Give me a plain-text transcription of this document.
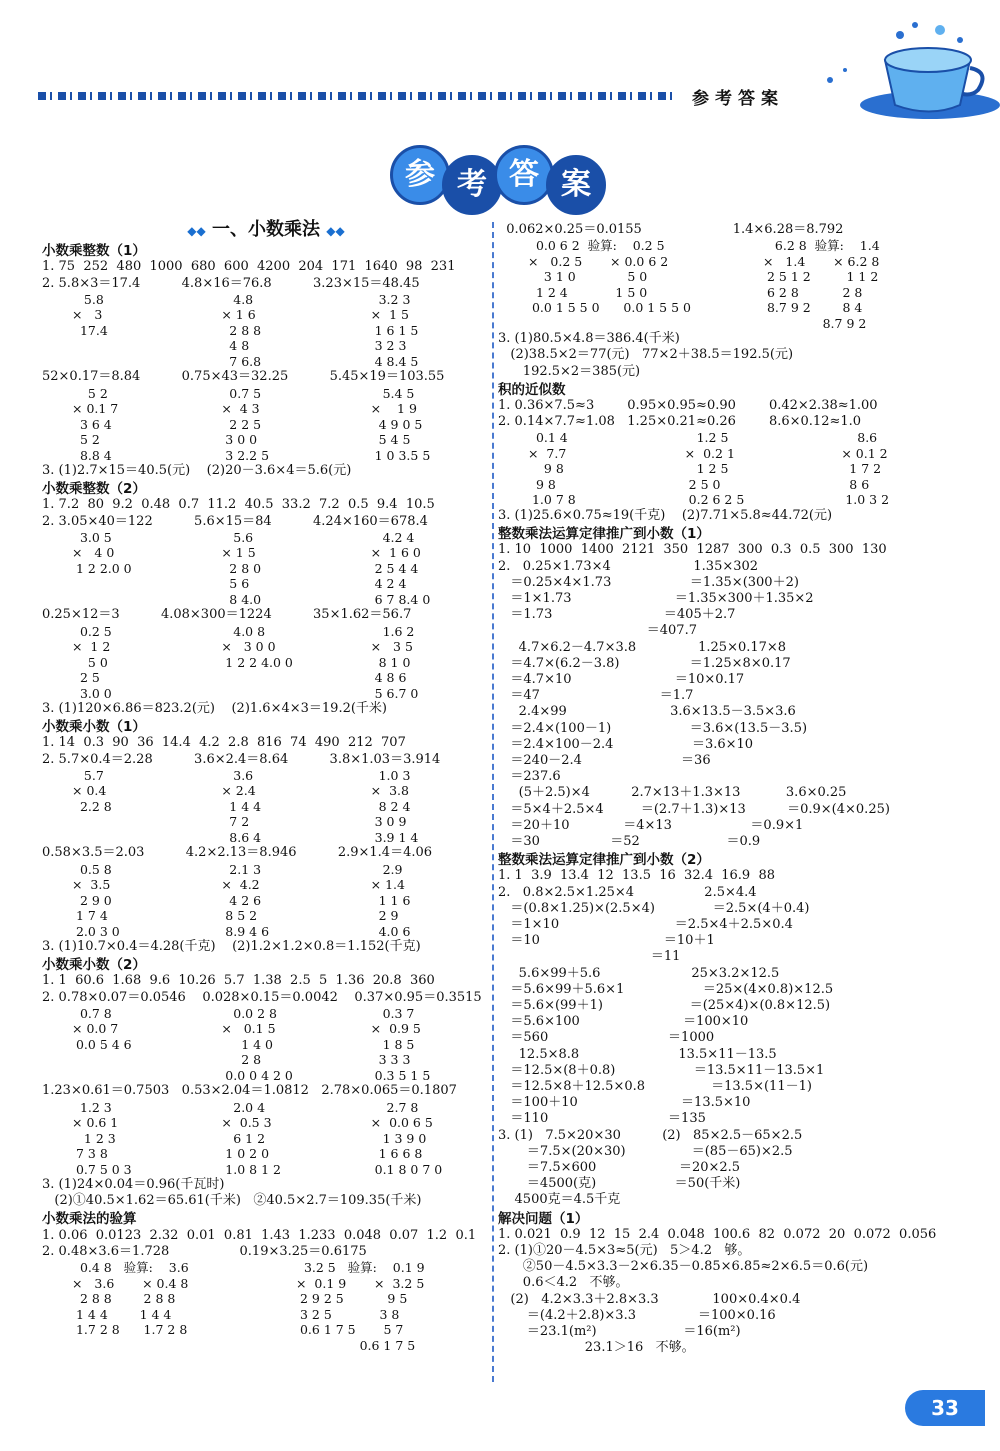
参考答案
参 考 答 案
◆◆ 一、小数乘法 ◆◆
小数乘整数（1）
1. 75  252  480  1000  680  600  4200  204  171  1640  98  231
2. 5.8×3＝17.4          4.8×16＝76.8          3.23×15＝48.45
5.8
×   3
17.4
4.8
× 1 6
2 8 8
4 8
7 6.8
3.2 3
×  1 5
1 6 1 5
3 2 3
4 8.4 5
52×0.17＝8.84          0.75×43＝32.25          5.45×19＝103.55
5 2
× 0.1 7
3 6 4
5 2
8.8 4
0.7 5
×  4 3
2 2 5
3 0 0
3 2.2 5
5.4 5
×    1 9
4 9 0 5
5 4 5
1 0 3.5 5
3. (1)2.7×15＝40.5(元)    (2)20－3.6×4＝5.6(元)
小数乘整数（2）
1. 7.2  80  9.2  0.48  0.7  11.2  40.5  33.2  7.2  0.5  9.4  10.5
2. 3.05×40＝122          5.6×15＝84          4.24×160＝678.4
3.0 5
×   4 0
1 2 2.0 0
5.6
× 1 5
2 8 0
5 6
8 4.0
4.2 4
×  1 6 0
2 5 4 4
4 2 4
6 7 8.4 0
0.25×12＝3          4.08×300＝1224          35×1.62＝56.7
0.2 5
×  1 2
5 0
2 5
3.0 0
4.0 8
×   3 0 0
1 2 2 4.0 0
1.6 2
×   3 5
8 1 0
4 8 6
5 6.7 0
3. (1)120×6.86＝823.2(元)    (2)1.6×4×3＝19.2(千米)
小数乘小数（1）
1. 14  0.3  90  36  14.4  4.2  2.8  816  74  490  212  707
2. 5.7×0.4＝2.28          3.6×2.4＝8.64          3.8×1.03＝3.914
5.7
× 0.4
2.2 8
3.6
× 2.4
1 4 4
7 2
8.6 4
1.0 3
×  3.8
8 2 4
3 0 9
3.9 1 4
0.58×3.5＝2.03          4.2×2.13＝8.946          2.9×1.4＝4.06
0.5 8
×  3.5
2 9 0
1 7 4
2.0 3 0
2.1 3
×  4.2
4 2 6
8 5 2
8.9 4 6
2.9
× 1.4
1 1 6
2 9
4.0 6
3. (1)10.7×0.4＝4.28(千克)    (2)1.2×1.2×0.8＝1.152(千克)
小数乘小数（2）
1. 1  60.6  1.68  9.6  10.26  5.7  1.38  2.5  5  1.36  20.8  360
2. 0.78×0.07＝0.0546    0.028×0.15＝0.0042    0.37×0.95＝0.3515
0.7 8
× 0.0 7
0.0 5 4 6
0.0 2 8
×   0.1 5
1 4 0
2 8
0.0 0 4 2 0
0.3 7
×  0.9 5
1 8 5
3 3 3
0.3 5 1 5
1.23×0.61＝0.7503   0.53×2.04＝1.0812   2.78×0.065＝0.1807
1.2 3
× 0.6 1
1 2 3
7 3 8
0.7 5 0 3
2.0 4
×  0.5 3
6 1 2
1 0 2 0
1.0 8 1 2
2.7 8
×  0.0 6 5
1 3 9 0
1 6 6 8
0.1 8 0 7 0
3. (1)24×0.04＝0.96(千瓦时)
(2)①40.5×1.62＝65.61(千米)   ②40.5×2.7＝109.35(千米)
小数乘法的验算
1. 0.06  0.0123  2.32  0.01  0.81  1.43  1.233  0.048  0.07  1.2  0.1
2. 0.48×3.6＝1.728                 0.19×3.25＝0.6175
0.4 8   验算:    3.6
×   3.6       × 0.4 8
2 8 8        2 8 8
1 4 4        1 4 4
1.7 2 8      1.7 2 8
3.2 5   验算:    0.1 9
×  0.1 9       ×  3.2 5
2 9 2 5           9 5
3 2 5            3 8
0.6 1 7 5       5 7
0.6 1 7 5
0.062×0.25＝0.0155                      1.4×6.28＝8.792
0.0 6 2  验算:    0.2 5
×   0.2 5       × 0.0 6 2
3 1 0             5 0
1 2 4            1 5 0
0.0 1 5 5 0      0.0 1 5 5 0
6.2 8  验算:    1.4
×   1.4       × 6.2 8
2 5 1 2         1 1 2
6 2 8           2 8
8.7 9 2        8 4
8.7 9 2
3. (1)80.5×4.8＝386.4(千米)
(2)38.5×2＝77(元)   77×2＋38.5＝192.5(元)
192.5×2＝385(元)
积的近似数
1. 0.36×7.5≈3        0.95×0.95≈0.90        0.42×2.38≈1.00
2. 0.14×7.7≈1.08   1.25×0.21≈0.26        8.6×0.12≈1.0
0.1 4
×  7.7
9 8
9 8
1.0 7 8
1.2 5
×  0.2 1
1 2 5
2 5 0
0.2 6 2 5
8.6
× 0.1 2
1 7 2
8 6
1.0 3 2
3. (1)25.6×0.75≈19(千克)    (2)7.71×5.8≈44.72(元)
整数乘法运算定律推广到小数（1）
1. 10  1000  1400  2121  350  1287  300  0.3  0.5  300  130
2.   0.25×1.73×4                    1.35×302
＝0.25×4×1.73                   ＝1.35×(300＋2)
＝1×1.73                         ＝1.35×300＋1.35×2
＝1.73                           ＝405＋2.7
＝407.7
4.7×6.2－4.7×3.8               1.25×0.17×8
＝4.7×(6.2－3.8)                 ＝1.25×8×0.17
＝4.7×10                         ＝10×0.17
＝47                             ＝1.7
2.4×99                         3.6×13.5－3.5×3.6
＝2.4×(100－1)                   ＝3.6×(13.5－3.5)
＝2.4×100－2.4                   ＝3.6×10
＝240－2.4                        ＝36
＝237.6
(5＋2.5)×4          2.7×13＋1.3×13           3.6×0.25
＝5×4＋2.5×4         ＝(2.7＋1.3)×13          ＝0.9×(4×0.25)
＝20＋10             ＝4×13                   ＝0.9×1
＝30                 ＝52                     ＝0.9
整数乘法运算定律推广到小数（2）
1. 1  3.9  13.4  12  13.5  16  32.4  16.9  88
2.   0.8×2.5×1.25×4                 2.5×4.4
＝(0.8×1.25)×(2.5×4)              ＝2.5×(4＋0.4)
＝1×10                            ＝2.5×4＋2.5×0.4
＝10                              ＝10＋1
＝11
5.6×99＋5.6                      25×3.2×12.5
＝5.6×99＋5.6×1                   ＝25×(4×0.8)×12.5
＝5.6×(99＋1)                     ＝(25×4)×(0.8×12.5)
＝5.6×100                         ＝100×10
＝560                             ＝1000
12.5×8.8                        13.5×11－13.5
＝12.5×(8＋0.8)                   ＝13.5×11－13.5×1
＝12.5×8＋12.5×0.8                ＝13.5×(11－1)
＝100＋10                         ＝13.5×10
＝110                             ＝135
3. (1)   7.5×20×30          (2)   85×2.5－65×2.5
＝7.5×(20×30)                ＝(85－65)×2.5
＝7.5×600                    ＝20×2.5
＝4500(克)                   ＝50(千米)
4500克＝4.5千克
解决问题（1）
1. 0.021  0.9  12  15  2.4  0.048  100.6  82  0.072  20  0.072  0.056
2. (1)①20－4.5×3≈5(元)   5＞4.2   够。
②50－4.5×3.3－2×6.35－0.85×6.85≈2×6.5＝0.6(元)
0.6＜4.2   不够。
(2)   4.2×3.3＋2.8×3.3             100×0.4×0.4
＝(4.2＋2.8)×3.3               ＝100×0.16
＝23.1(m²)                     ＝16(m²)
23.1＞16   不够。
33
